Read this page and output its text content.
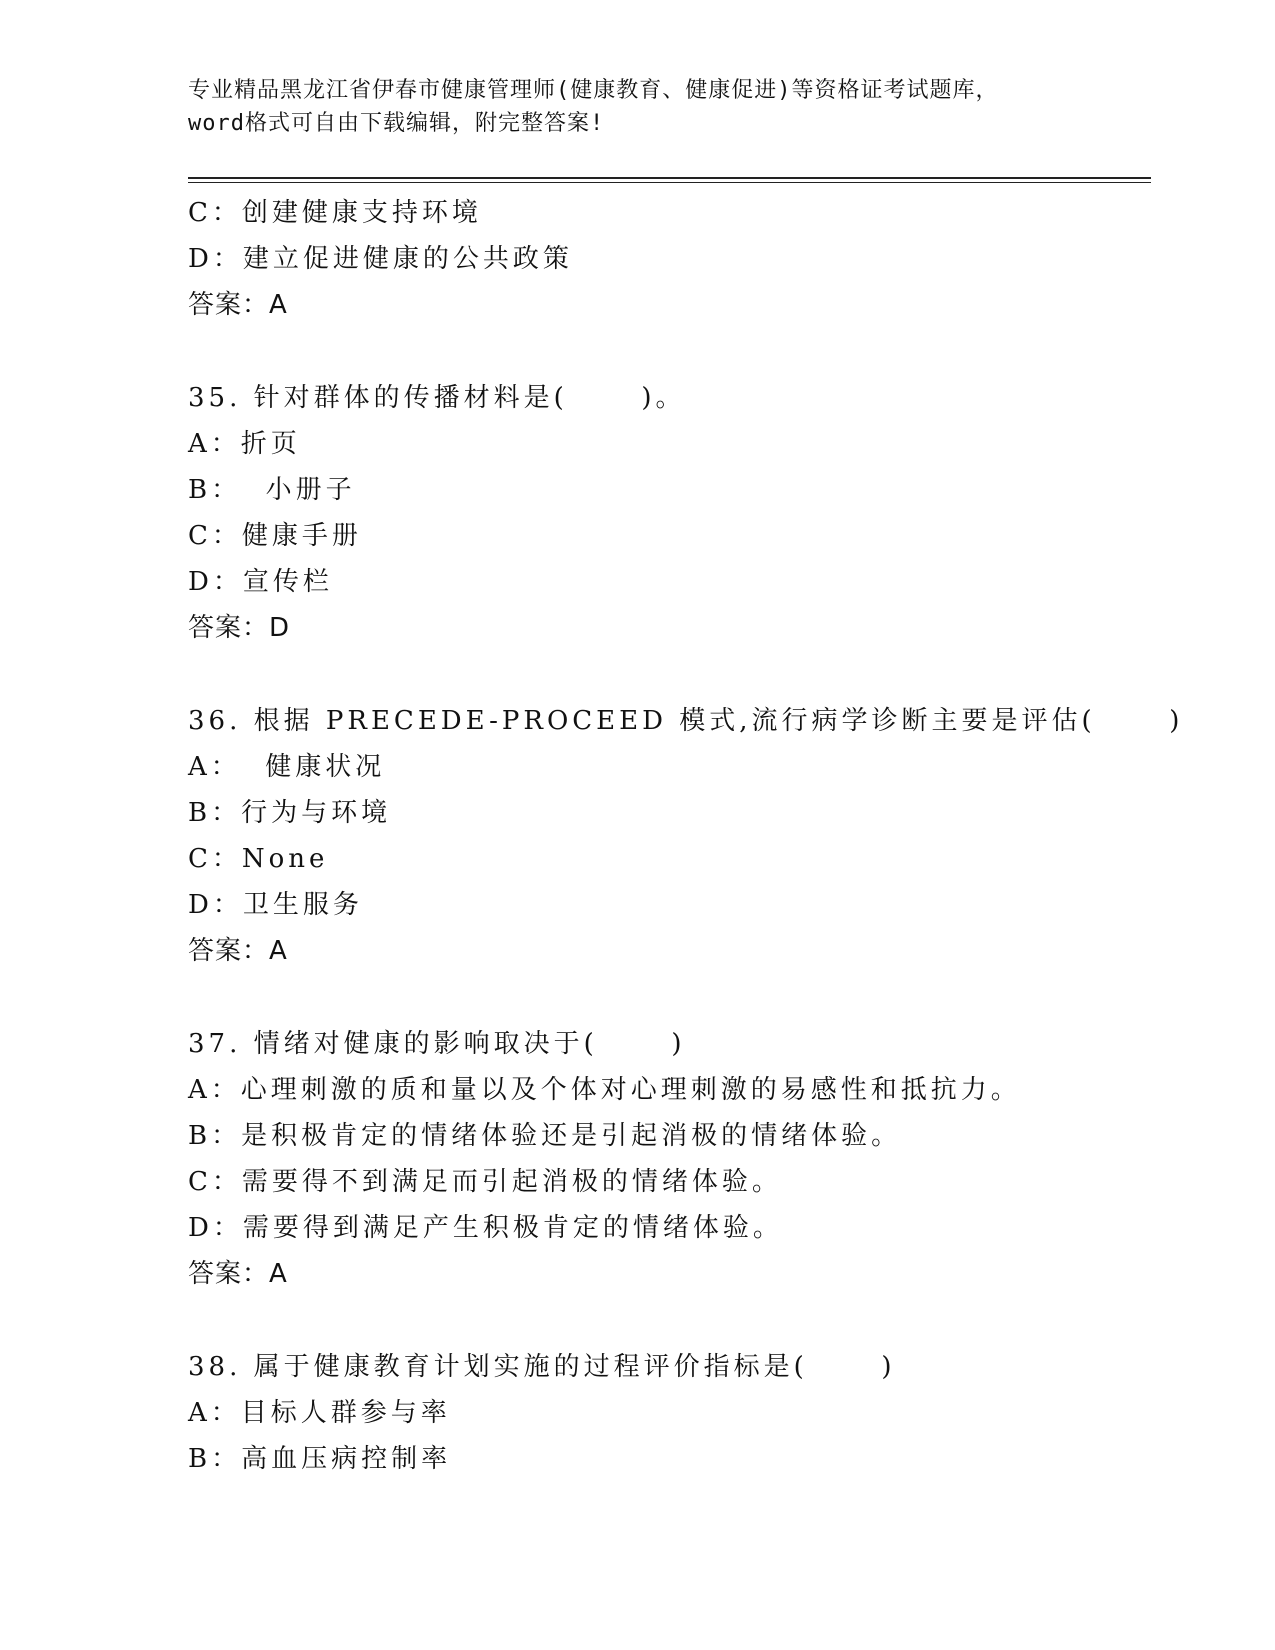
专业精品黑龙江省伊春市健康管理师(健康教育、健康促进)等资格证考试题库，
word格式可自由下载编辑，附完整答案!
C：创建健康支持环境
D：建立促进健康的公共政策
答案：A
35. 针对群体的传播材料是(      )。
A：折页
B：  小册子
C：健康手册
D：宣传栏
答案：D
36. 根据 PRECEDE-PROCEED 模式,流行病学诊断主要是评估(      )
A：  健康状况
B：行为与环境
C：None
D：卫生服务
答案：A
37. 情绪对健康的影响取决于(      )
A：心理刺激的质和量以及个体对心理刺激的易感性和抵抗力。
B：是积极肯定的情绪体验还是引起消极的情绪体验。
C：需要得不到满足而引起消极的情绪体验。
D：需要得到满足产生积极肯定的情绪体验。
答案：A
38. 属于健康教育计划实施的过程评价指标是(      )
A：目标人群参与率
B：高血压病控制率
